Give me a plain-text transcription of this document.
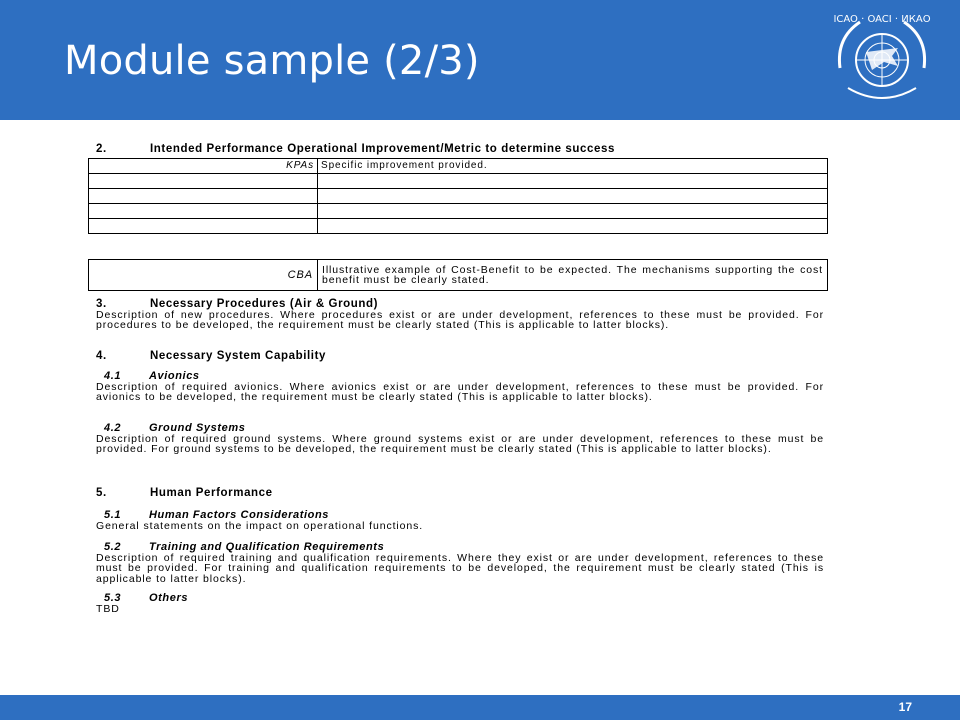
Module sample (2/3)
ICAO · OACI · ИКАО

2.	Intended Performance Operational Improvement/Metric to determine success

KPAs	Specific improvement provided.

CBA	Illustrative example of Cost-Benefit to be expected. The mechanisms supporting the cost benefit must be clearly stated.

3.	Necessary Procedures (Air & Ground)

Description of new procedures. Where procedures exist or are under development, references to these must be provided. For procedures to be developed, the requirement must be clearly stated (This is applicable to latter blocks).

4.	Necessary System Capability

4.1	Avionics

Description of required avionics. Where avionics exist or are under development, references to these must be provided. For avionics to be developed, the requirement must be clearly stated (This is applicable to latter blocks).

4.2	Ground Systems

Description of required ground systems. Where ground systems exist or are under development, references to these must be provided. For ground systems to be developed, the requirement must be clearly stated (This is applicable to latter blocks).

5.	Human Performance

5.1	Human Factors Considerations

General statements on the impact on operational functions.

5.2	Training and Qualification Requirements

Description of required training and qualification requirements. Where they exist or are under development, references to these must be provided. For training and qualification requirements to be developed, the requirement must be clearly stated (This is applicable to latter blocks).

5.3	Others

TBD

17
